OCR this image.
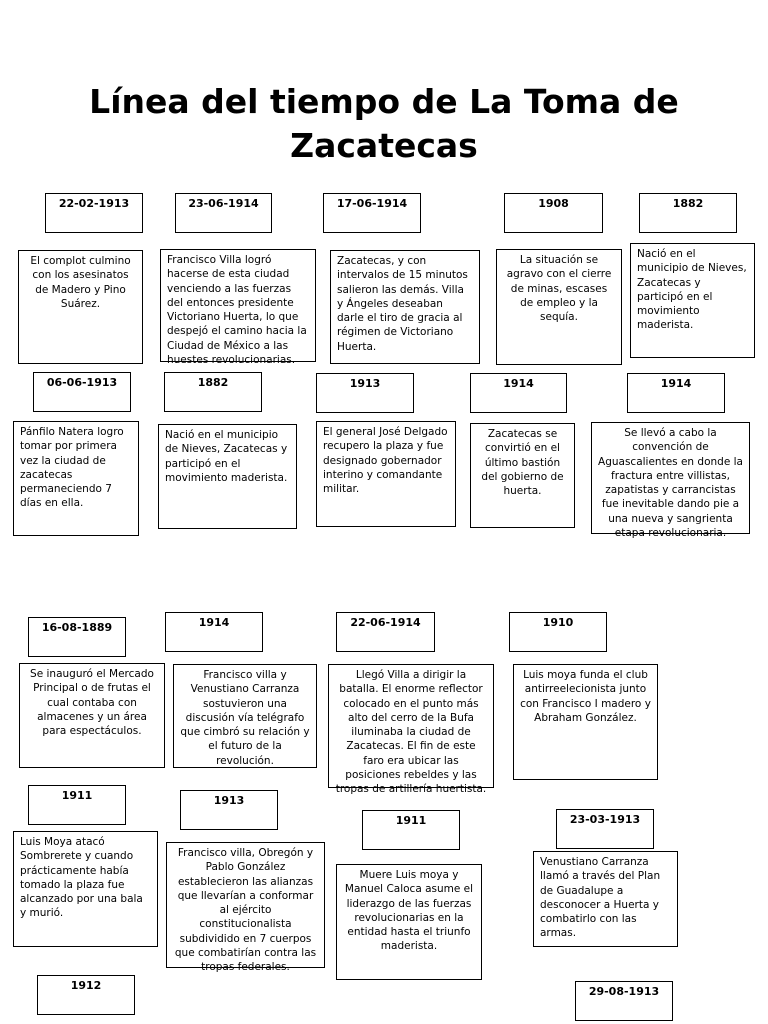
Línea del tiempo de La Toma de Zacatecas
22-02-1913
El complot culmino con los asesinatos de Madero y Pino Suárez.
23-06-1914
Francisco Villa logró hacerse de esta ciudad venciendo a las fuerzas del entonces presidente Victoriano Huerta, lo que despejó el camino hacia la Ciudad de México a las huestes revolucionarias.
17-06-1914
Zacatecas, y con intervalos de 15 minutos salieron las demás. Villa y Ángeles deseaban darle el tiro de gracia al régimen de Victoriano Huerta.
1908
La situación se agravo con el cierre de minas, escases de empleo y la sequía.
1882
Nació en el municipio de Nieves, Zacatecas y participó en el movimiento maderista.
06-06-1913
Pánfilo Natera logro tomar por primera vez la ciudad de zacatecas permaneciendo 7 días en ella.
1882
Nació en el municipio de Nieves, Zacatecas y participó en el movimiento maderista.
1913
El general José Delgado recupero la plaza y fue designado gobernador interino y comandante militar.
1914
Zacatecas se convirtió en el último bastión del gobierno de huerta.
1914
Se llevó a cabo la convención de Aguascalientes en donde la fractura entre villistas, zapatistas y carrancistas fue inevitable dando pie a una nueva y sangrienta etapa revolucionaria.
16-08-1889
Se inauguró el Mercado Principal o de frutas el cual contaba con almacenes y un área para espectáculos.
1914
Francisco villa y Venustiano Carranza sostuvieron una discusión vía telégrafo que cimbró su relación y el futuro de la revolución.
22-06-1914
Llegó Villa a dirigir la batalla. El enorme reflector colocado en el punto más alto del cerro de la Bufa iluminaba la ciudad de Zacatecas. El fin de este faro era ubicar las posiciones rebeldes y las tropas de artillería huertista.
1910
Luis moya funda el club antirreelecionista junto con Francisco I madero y Abraham González.
1911
Luis Moya atacó Sombrerete y cuando prácticamente había tomado la plaza fue alcanzado por una bala y murió.
1913
Francisco villa, Obregón y Pablo González establecieron las alianzas que llevarían a conformar al ejército constitucionalista subdividido en 7 cuerpos que combatirían contra las tropas federales.
1911
Muere Luis moya y Manuel Caloca asume el liderazgo de las fuerzas revolucionarias en la entidad hasta el triunfo maderista.
23-03-1913
Venustiano Carranza llamó a través del Plan de Guadalupe a desconocer a Huerta y combatirlo con las armas.
1912	29-08-1913
